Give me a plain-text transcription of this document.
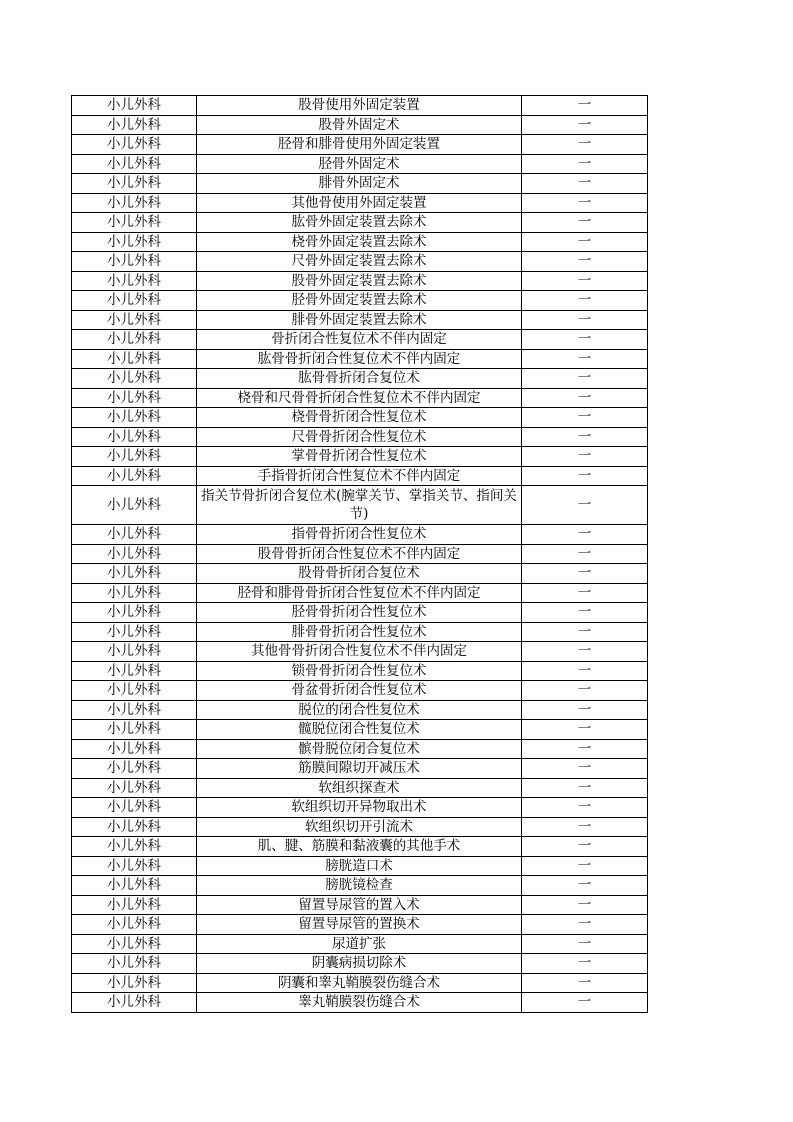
小儿外科	股骨使用外固定装置	一
小儿外科	股骨外固定术	一
小儿外科	胫骨和腓骨使用外固定装置	一
小儿外科	胫骨外固定术	一
小儿外科	腓骨外固定术	一
小儿外科	其他骨使用外固定装置	一
小儿外科	肱骨外固定装置去除术	一
小儿外科	桡骨外固定装置去除术	一
小儿外科	尺骨外固定装置去除术	一
小儿外科	股骨外固定装置去除术	一
小儿外科	胫骨外固定装置去除术	一
小儿外科	腓骨外固定装置去除术	一
小儿外科	骨折闭合性复位术不伴内固定	一
小儿外科	肱骨骨折闭合性复位术不伴内固定	一
小儿外科	肱骨骨折闭合复位术	一
小儿外科	桡骨和尺骨骨折闭合性复位术不伴内固定	一
小儿外科	桡骨骨折闭合性复位术	一
小儿外科	尺骨骨折闭合性复位术	一
小儿外科	掌骨骨折闭合性复位术	一
小儿外科	手指骨折闭合性复位术不伴内固定	一
小儿外科	指关节骨折闭合复位术(腕掌关节、掌指关节、指间关节)	一
小儿外科	指骨骨折闭合性复位术	一
小儿外科	股骨骨折闭合性复位术不伴内固定	一
小儿外科	股骨骨折闭合复位术	一
小儿外科	胫骨和腓骨骨折闭合性复位术不伴内固定	一
小儿外科	胫骨骨折闭合性复位术	一
小儿外科	腓骨骨折闭合性复位术	一
小儿外科	其他骨骨折闭合性复位术不伴内固定	一
小儿外科	锁骨骨折闭合性复位术	一
小儿外科	骨盆骨折闭合性复位术	一
小儿外科	脱位的闭合性复位术	一
小儿外科	髋脱位闭合性复位术	一
小儿外科	髌骨脱位闭合复位术	一
小儿外科	筋膜间隙切开减压术	一
小儿外科	软组织探查术	一
小儿外科	软组织切开异物取出术	一
小儿外科	软组织切开引流术	一
小儿外科	肌、腱、筋膜和黏液囊的其他手术	一
小儿外科	膀胱造口术	一
小儿外科	膀胱镜检查	一
小儿外科	留置导尿管的置入术	一
小儿外科	留置导尿管的置换术	一
小儿外科	尿道扩张	一
小儿外科	阴囊病损切除术	一
小儿外科	阴囊和睾丸鞘膜裂伤缝合术	一
小儿外科	睾丸鞘膜裂伤缝合术	一
